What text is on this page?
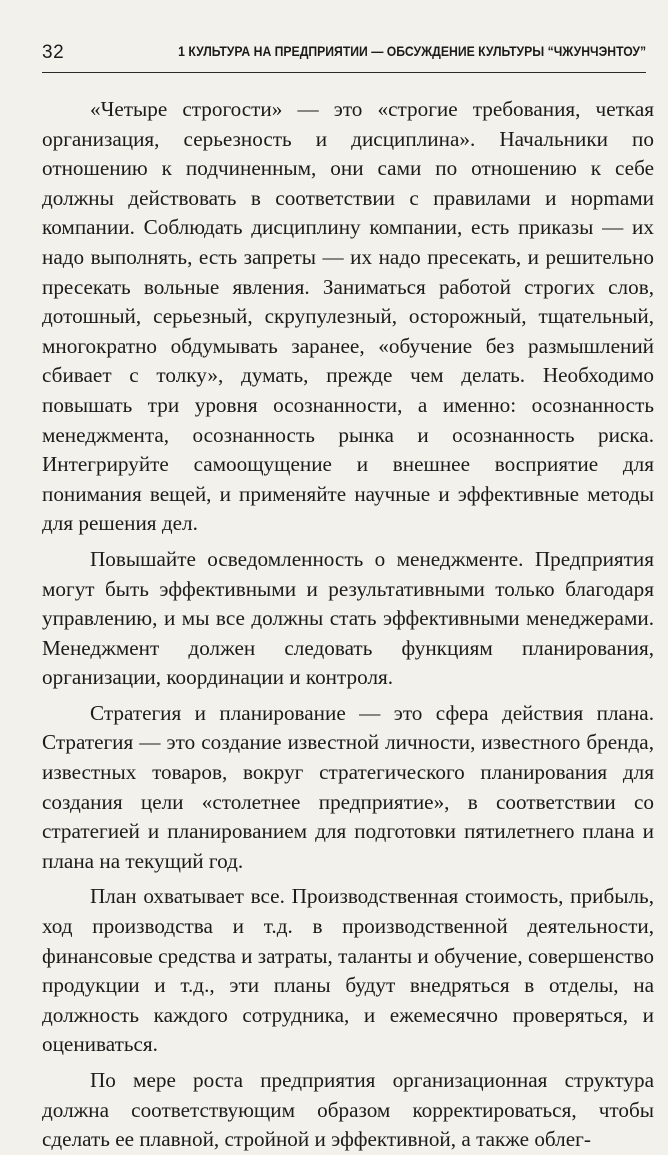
32	1 КУЛЬТУРА НА ПРЕДПРИЯТИИ — ОБСУЖДЕНИЕ КУЛЬТУРЫ “ЧЖУНЧЭНТОУ”

«Четыре строгости» — это «строгие требования, четкая организация, серьезность и дисциплина». Начальники по отношению к подчиненным, они сами по отношению к себе должны действовать в соответствии с правилами и норmами компании. Соблюдать дисциплину компании, есть приказы — их надо выполнять, есть запреты — их надо пресекать, и решительно пресекать вольные явления. Заниматься работой строгих слов, дотошный, серьезный, скрупулезный, осторожный, тщательный, многократно обдумывать заранее, «обучение без размышлений сбивает с толку», думать, прежде чем делать. Необходимо повышать три уровня осознанности, а именно: осознанность менеджмента, осознанность рынка и осознанность риска. Интегрируйте самоощущение и внешнее восприятие для понимания вещей, и применяйте научные и эффективные методы для решения дел.

Повышайте осведомленность о менеджменте. Предприятия могут быть эффективными и результативными только благодаря управлению, и мы все должны стать эффективными менеджерами. Менеджмент должен следовать функциям планирования, организации, координации и контроля.

Стратегия и планирование — это сфера действия плана. Стратегия — это создание известной личности, известного бренда, известных товаров, вокруг стратегического планирования для создания цели «столетнее предприятие», в соответствии со стратегией и планированием для подготовки пятилетнего плана и плана на текущий год.

План охватывает все. Производственная стоимость, прибыль, ход производства и т.д. в производственной деятельности, финансовые средства и затраты, таланты и обучение, совершенство продукции и т.д., эти планы будут внедряться в отделы, на должность каждого сотрудника, и ежемесячно проверяться, и оцениваться.

По мере роста предприятия организационная структура должна соответствующим образом корректироваться, чтобы сделать ее плавной, стройной и эффективной, а также облег-
